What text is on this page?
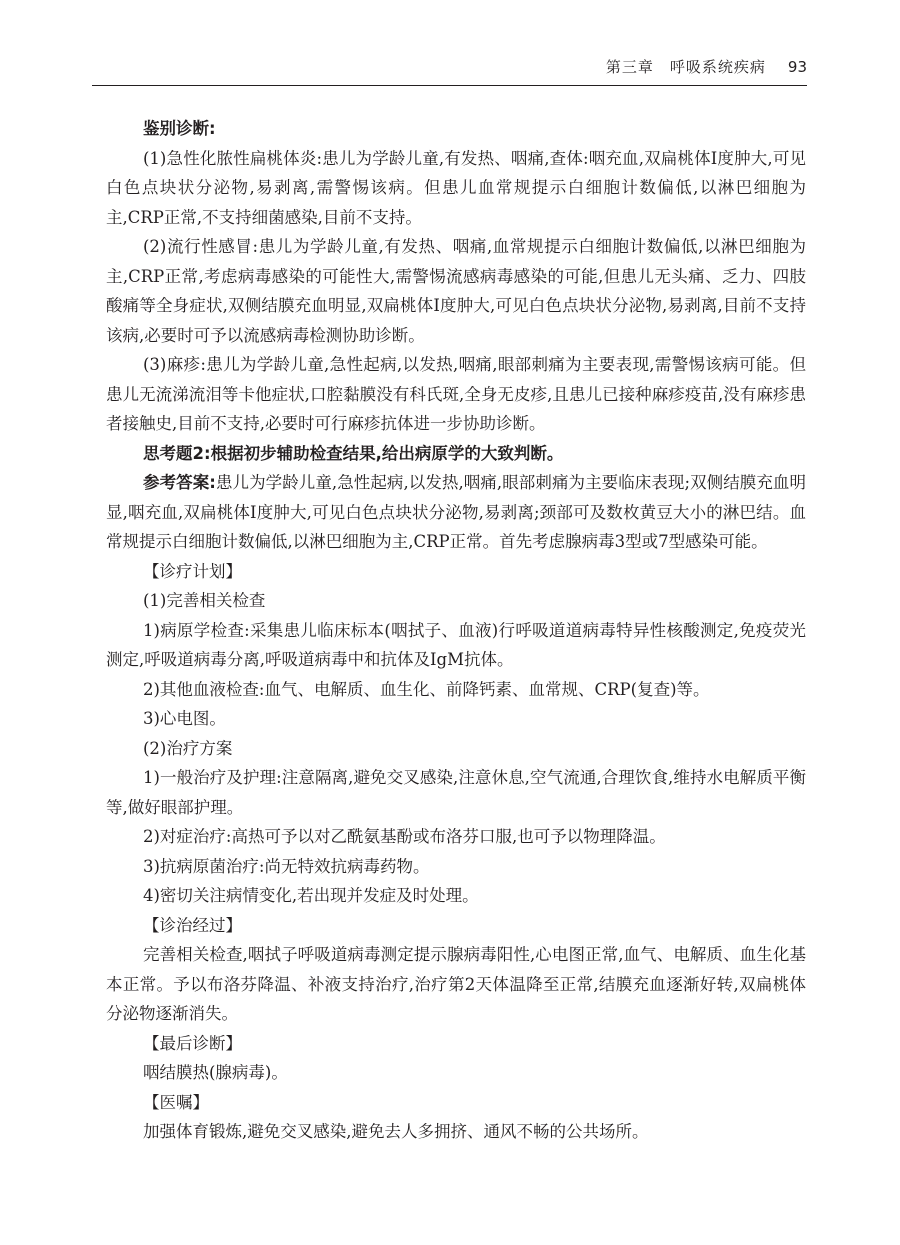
第三章　呼吸系统疾病 93

鉴别诊断:

(1)急性化脓性扁桃体炎:患儿为学龄儿童,有发热、咽痛,查体:咽充血,双扁桃体Ⅰ度肿大,可见白色点块状分泌物,易剥离,需警惕该病。但患儿血常规提示白细胞计数偏低,以淋巴细胞为主,CRP正常,不支持细菌感染,目前不支持。

(2)流行性感冒:患儿为学龄儿童,有发热、咽痛,血常规提示白细胞计数偏低,以淋巴细胞为主,CRP正常,考虑病毒感染的可能性大,需警惕流感病毒感染的可能,但患儿无头痛、乏力、四肢酸痛等全身症状,双侧结膜充血明显,双扁桃体Ⅰ度肿大,可见白色点块状分泌物,易剥离,目前不支持该病,必要时可予以流感病毒检测协助诊断。

(3)麻疹:患儿为学龄儿童,急性起病,以发热,咽痛,眼部刺痛为主要表现,需警惕该病可能。但患儿无流涕流泪等卡他症状,口腔黏膜没有科氏斑,全身无皮疹,且患儿已接种麻疹疫苗,没有麻疹患者接触史,目前不支持,必要时可行麻疹抗体进一步协助诊断。

思考题2:根据初步辅助检查结果,给出病原学的大致判断。

参考答案:患儿为学龄儿童,急性起病,以发热,咽痛,眼部刺痛为主要临床表现;双侧结膜充血明显,咽充血,双扁桃体Ⅰ度肿大,可见白色点块状分泌物,易剥离;颈部可及数枚黄豆大小的淋巴结。血常规提示白细胞计数偏低,以淋巴细胞为主,CRP正常。首先考虑腺病毒3型或7型感染可能。

【诊疗计划】

(1)完善相关检查

1)病原学检查:采集患儿临床标本(咽拭子、血液)行呼吸道道病毒特异性核酸测定,免疫荧光测定,呼吸道病毒分离,呼吸道病毒中和抗体及IgM抗体。

2)其他血液检查:血气、电解质、血生化、前降钙素、血常规、CRP(复查)等。

3)心电图。

(2)治疗方案

1)一般治疗及护理:注意隔离,避免交叉感染,注意休息,空气流通,合理饮食,维持水电解质平衡等,做好眼部护理。

2)对症治疗:高热可予以对乙酰氨基酚或布洛芬口服,也可予以物理降温。

3)抗病原菌治疗:尚无特效抗病毒药物。

4)密切关注病情变化,若出现并发症及时处理。

【诊治经过】

完善相关检查,咽拭子呼吸道病毒测定提示腺病毒阳性,心电图正常,血气、电解质、血生化基本正常。予以布洛芬降温、补液支持治疗,治疗第2天体温降至正常,结膜充血逐渐好转,双扁桃体分泌物逐渐消失。

【最后诊断】

咽结膜热(腺病毒)。

【医嘱】

加强体育锻炼,避免交叉感染,避免去人多拥挤、通风不畅的公共场所。
